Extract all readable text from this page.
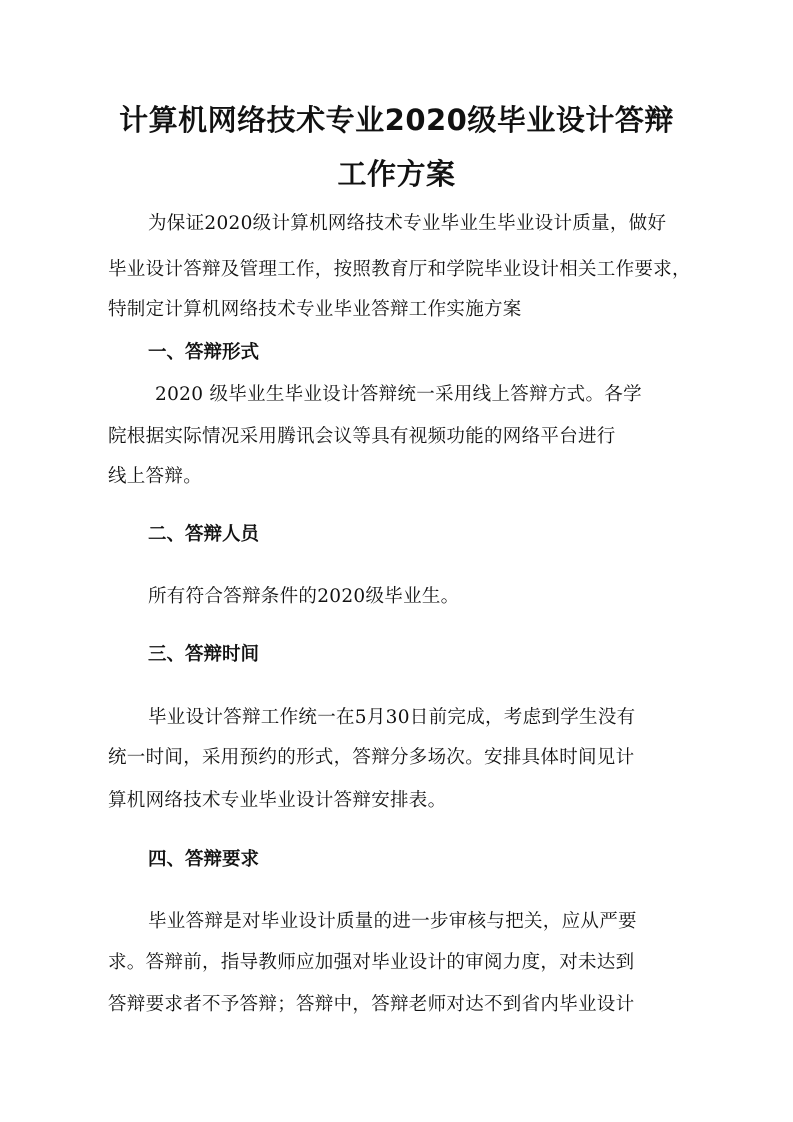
计算机网络技术专业2020级毕业设计答辩
工作方案
为保证2020级计算机网络技术专业毕业生毕业设计质量，做好
毕业设计答辩及管理工作，按照教育厅和学院毕业设计相关工作要求，
特制定计算机网络技术专业毕业答辩工作实施方案
一、答辩形式
2020 级毕业生毕业设计答辩统一采用线上答辩方式。各学
院根据实际情况采用腾讯会议等具有视频功能的网络平台进行
线上答辩。
二、答辩人员
所有符合答辩条件的2020级毕业生。
三、答辩时间
毕业设计答辩工作统一在5月30日前完成，考虑到学生没有
统一时间，采用预约的形式，答辩分多场次。安排具体时间见计
算机网络技术专业毕业设计答辩安排表。
四、答辩要求
毕业答辩是对毕业设计质量的进一步审核与把关，应从严要
求。答辩前，指导教师应加强对毕业设计的审阅力度，对未达到
答辩要求者不予答辩；答辩中，答辩老师对达不到省内毕业设计
